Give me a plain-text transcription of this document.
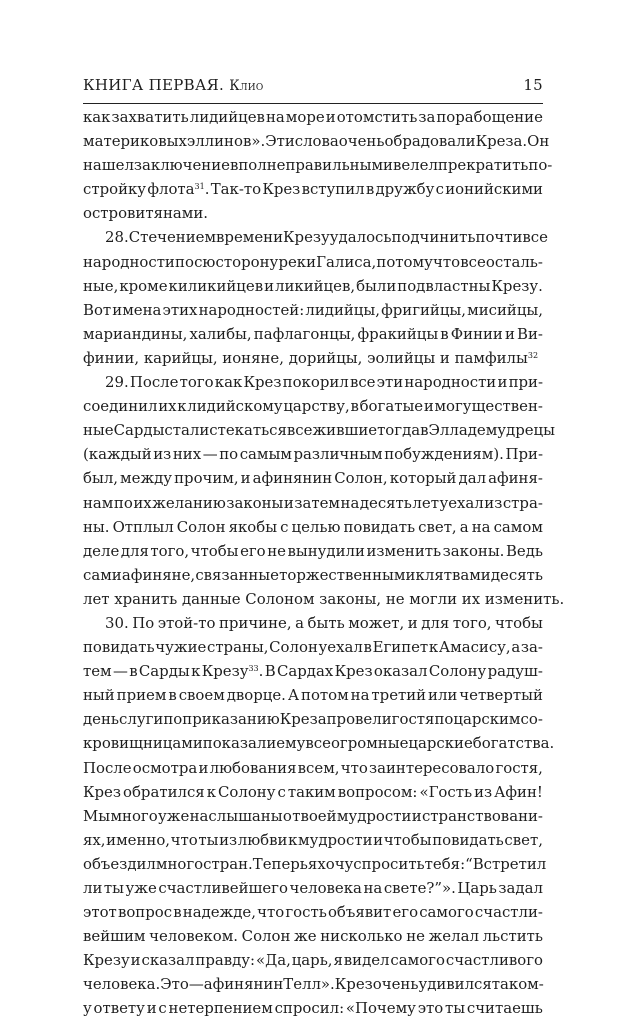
КНИГА ПЕРВАЯ. Клио	15
как захватить лидийцев на море и отомстить за порабощение
материковых эллинов». Эти слова очень обрадовали Креза. Он
нашел заключение вполне правильным и велел прекратить по-
стройку флота$^{31}$. Так-то Крез вступил в дружбу с ионийскими
островитянами.
28. С течением времени Крезу удалось подчинить почти все
народности по сю сторону реки Галиса, потому что все осталь-
ные, кроме киликийцев и ликийцев, были подвластны Крезу.
Вот имена этих народностей: лидийцы, фригийцы, мисийцы,
мариандины, халибы, пафлагонцы, фракийцы в Финии и Ви-
финии,
карийцы,
ионяне,
дорийцы,
эолийцы
и
памфилы$^{32}$
29. После того как Крез покорил все эти народности и при-
соединил их к лидийскому царству, в богатые и могуществен-
ные Сарды стали стекаться все жившие тогда в Элладе мудрецы
(каждый из них — по самым различным побуждениям). При-
был, между прочим, и афинянин Солон, который дал афиня-
нам по их желанию законы и затем на десять лет уехал из стра-
ны. Отплыл Солон якобы с целью повидать свет, а на самом
деле для того, чтобы его не вынудили изменить законы. Ведь
сами афиняне, связанные торжественными клятвами десять
лет
хранить
данные
Солоном
законы,
не
могли
их
изменить.
30. По этой-то причине, а быть может, и для того, чтобы
повидать чужие страны, Солон уехал в Египет к Амасису, а за-
тем — в Сарды к Крезу$^{33}$. В Сардах Крез оказал Солону радуш-
ный прием в своем дворце. А потом на третий или четвертый
день слуги по приказанию Креза провели гостя по царским со-
кровищницам и показали ему все огромные царские богатства.
После осмотра и любования всем, что заинтересовало гостя,
Крез обратился к Солону с таким вопросом: «Гость из Афин!
Мы много уже наслышаны о твоей мудрости и странствовани-
ях, именно, что ты из любви к мудрости и чтобы повидать свет,
объездил много стран. Теперь я хочу спросить тебя: “Встретил
ли ты уже счастливейшего человека на свете?”». Царь задал
этот вопрос в надежде, что гость объявит его самого счастли-
вейшим человеком. Солон же нисколько не желал льстить
Крезу и сказал правду: «Да, царь, я видел самого счастливого
человека. Это — афинянин Телл». Крез очень удивился таком-
у ответу и с нетерпением спросил: «Почему это ты считаешь
